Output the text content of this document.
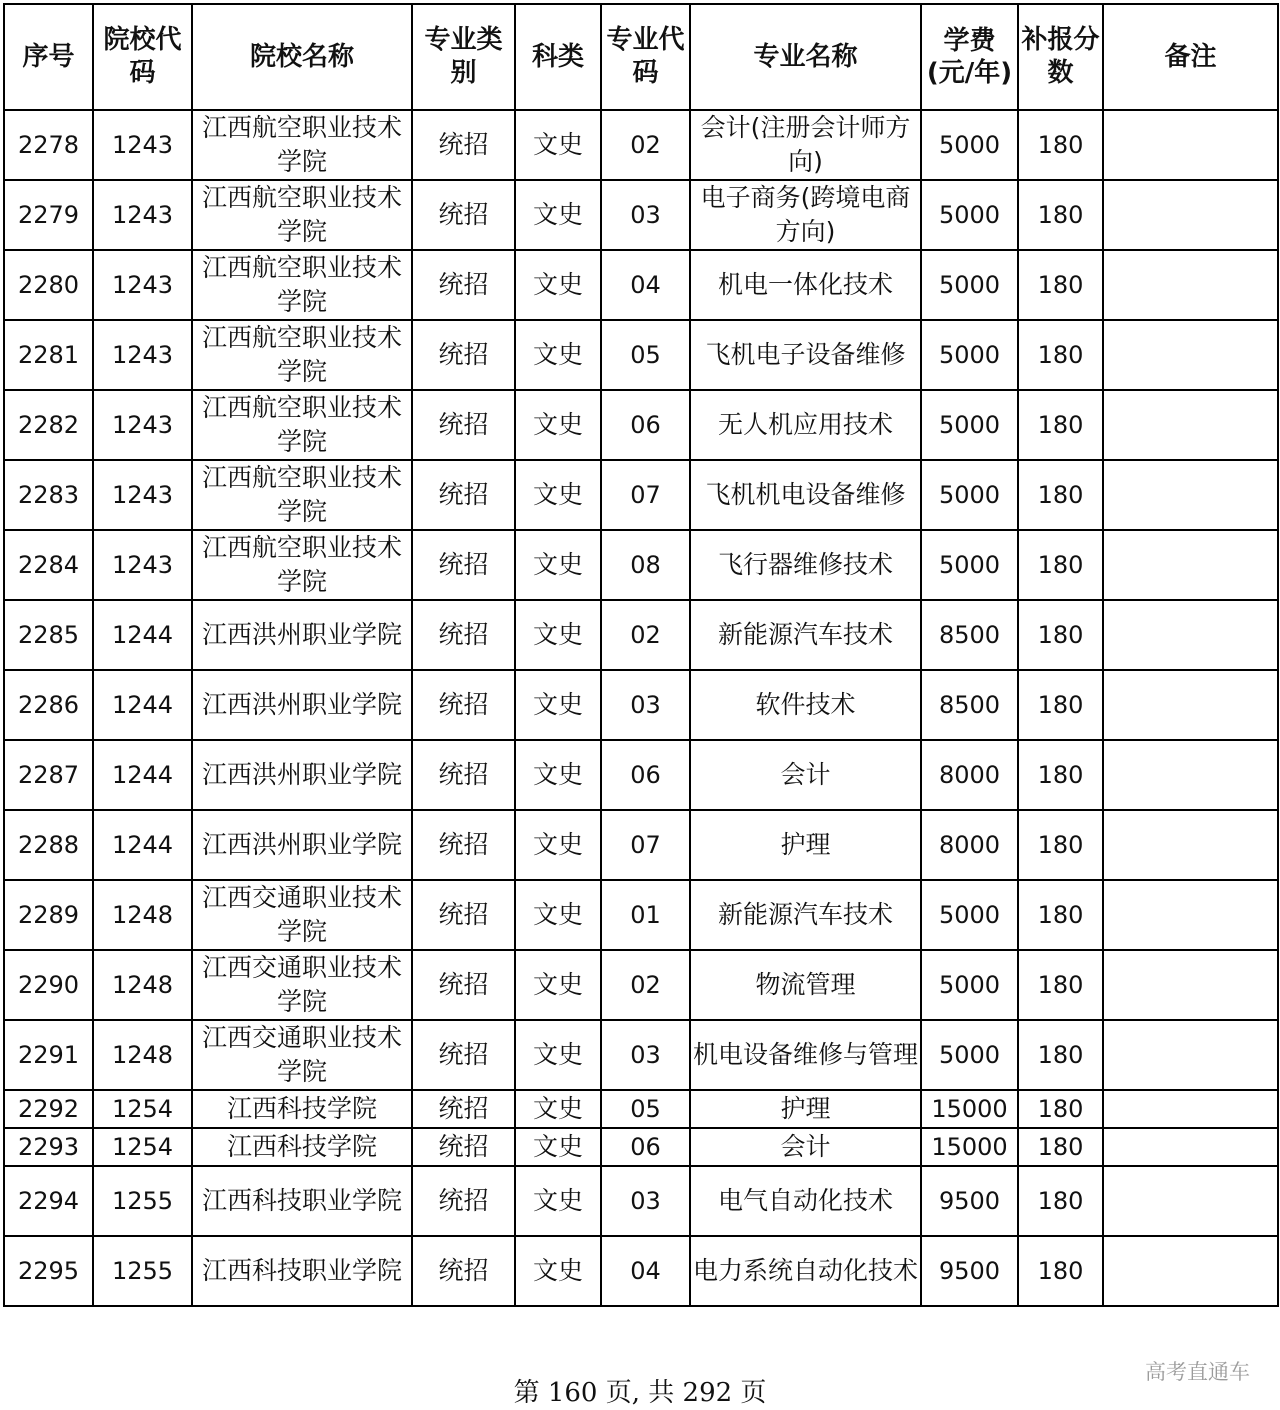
序号	院校代码	院校名称	专业类别	科类	专业代码	专业名称	学费(元/年)	补报分数	备注
2278	1243	江西航空职业技术学院	统招	文史	02	会计(注册会计师方向)	5000	180	
2279	1243	江西航空职业技术学院	统招	文史	03	电子商务(跨境电商方向)	5000	180	
2280	1243	江西航空职业技术学院	统招	文史	04	机电一体化技术	5000	180	
2281	1243	江西航空职业技术学院	统招	文史	05	飞机电子设备维修	5000	180	
2282	1243	江西航空职业技术学院	统招	文史	06	无人机应用技术	5000	180	
2283	1243	江西航空职业技术学院	统招	文史	07	飞机机电设备维修	5000	180	
2284	1243	江西航空职业技术学院	统招	文史	08	飞行器维修技术	5000	180	
2285	1244	江西洪州职业学院	统招	文史	02	新能源汽车技术	8500	180	
2286	1244	江西洪州职业学院	统招	文史	03	软件技术	8500	180	
2287	1244	江西洪州职业学院	统招	文史	06	会计	8000	180	
2288	1244	江西洪州职业学院	统招	文史	07	护理	8000	180	
2289	1248	江西交通职业技术学院	统招	文史	01	新能源汽车技术	5000	180	
2290	1248	江西交通职业技术学院	统招	文史	02	物流管理	5000	180	
2291	1248	江西交通职业技术学院	统招	文史	03	机电设备维修与管理	5000	180	
2292	1254	江西科技学院	统招	文史	05	护理	15000	180	
2293	1254	江西科技学院	统招	文史	06	会计	15000	180	
2294	1255	江西科技职业学院	统招	文史	03	电气自动化技术	9500	180	
2295	1255	江西科技职业学院	统招	文史	04	电力系统自动化技术	9500	180	
第 160 页, 共 292 页
高考直通车
